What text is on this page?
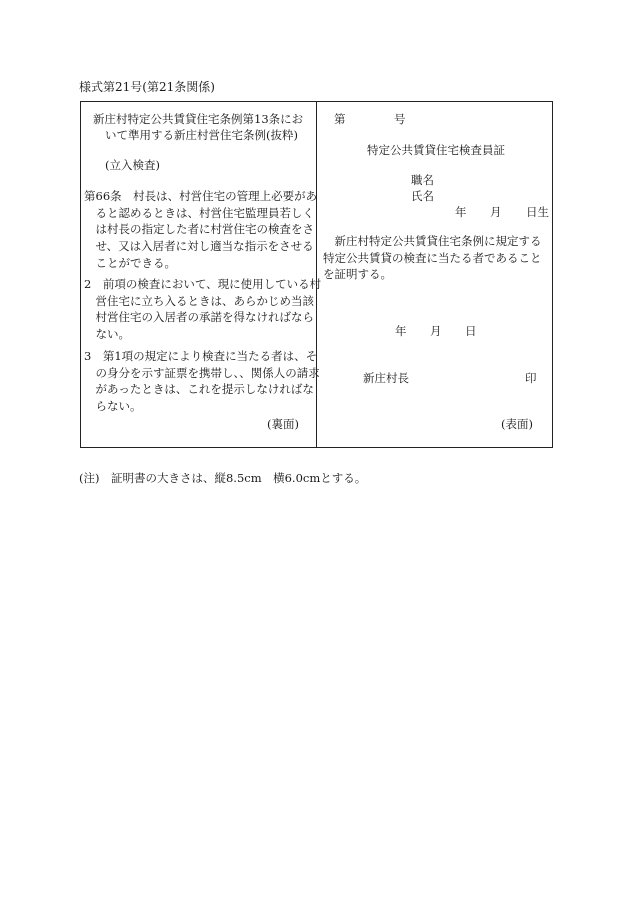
様式第21号(第21条関係)
新庄村特定公共賃貸住宅条例第13条にお
いて準用する新庄村営住宅条例(抜粋)
(立入検査)
第66条　村長は、村営住宅の管理上必要があると認めるときは、村営住宅監理員若しくは村長の指定した者に村営住宅の検査をさせ、又は入居者に対し適当な指示をさせることができる。
2　前項の検査において、現に使用している村営住宅に立ち入るときは、あらかじめ当該村営住宅の入居者の承諾を得なければならない。
3　第1項の規定により検査に当たる者は、その身分を示す証票を携帯し、、関係人の請求があったときは、これを提示しなければならない。
(裏面)
第	号
特定公共賃貸住宅検査員証
職名
氏名
年 月 日生
新庄村特定公共賃貸住宅条例に規定する特定公共賃貸の検査に当たる者であることを証明する。
年 月 日
新庄村長	印
(表面)
(注)　証明書の大きさは、縦8.5cm　横6.0cmとする。
